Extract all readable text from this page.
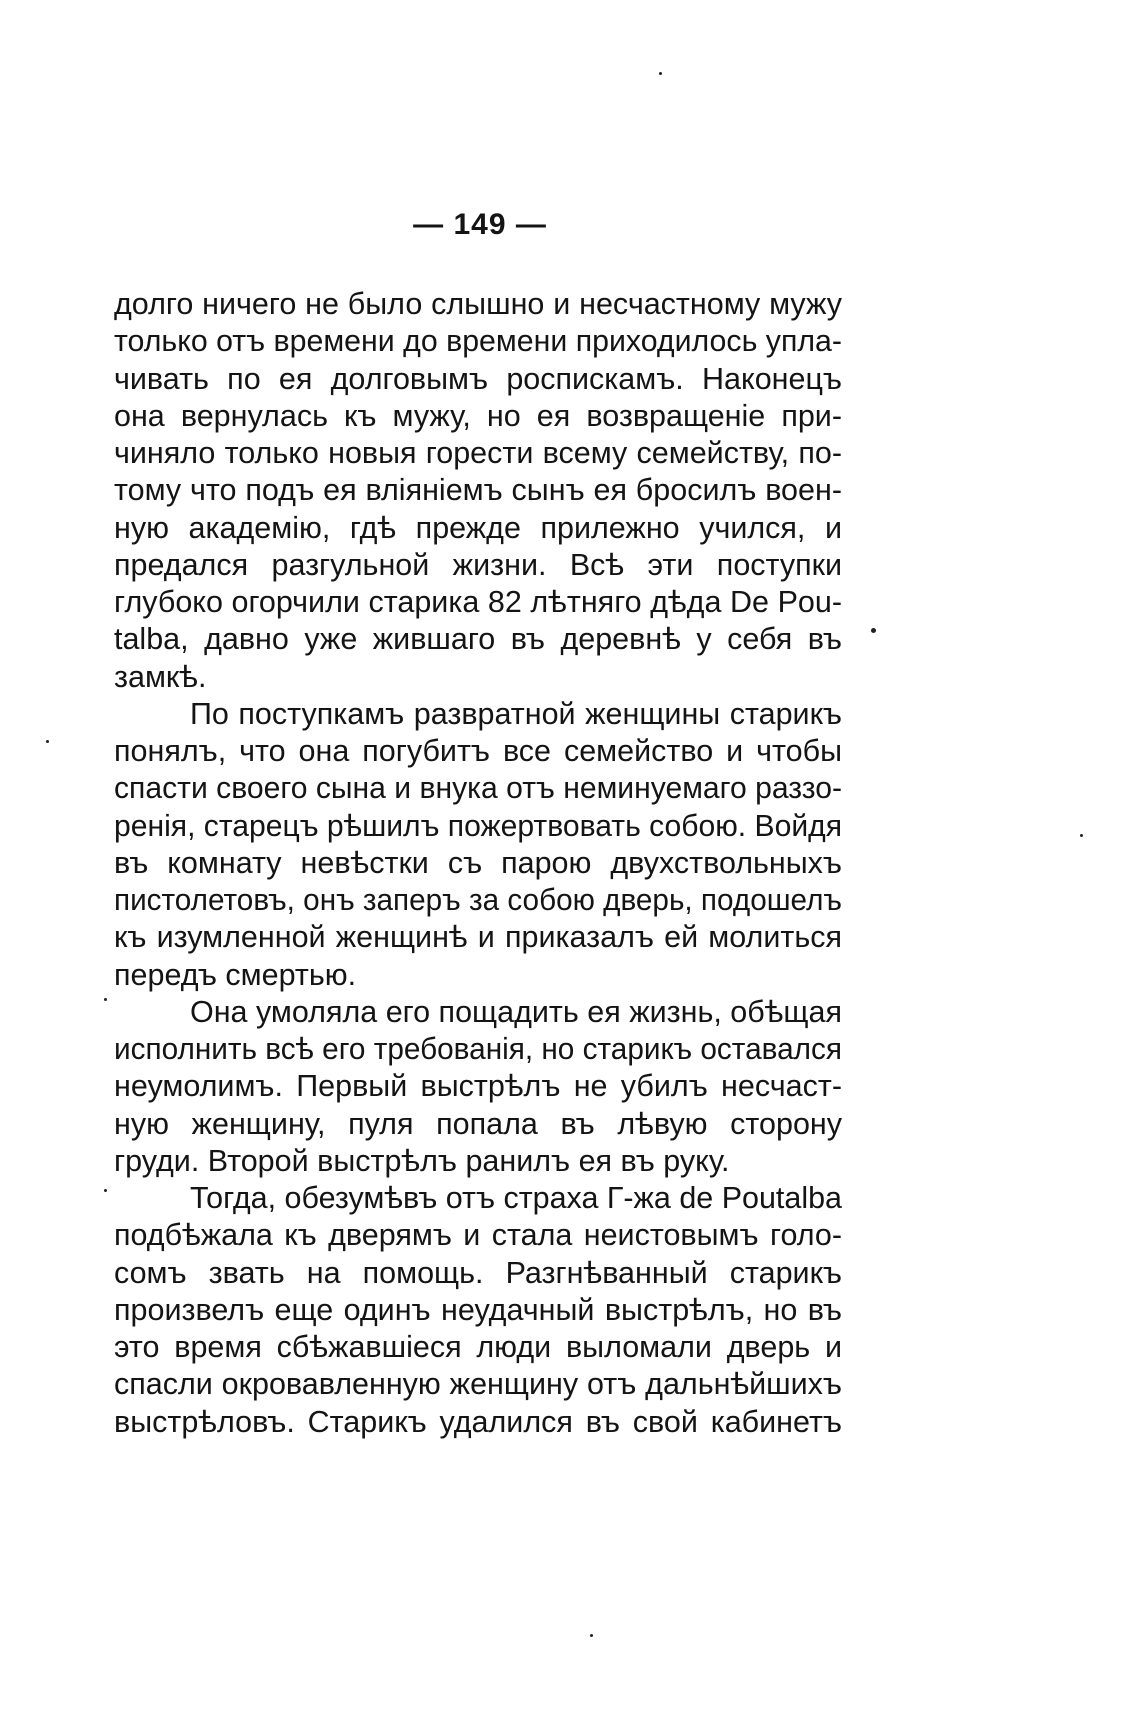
— 149 —
долго ничего не было слышно и несчастному мужу
только отъ времени до времени приходилось упла-
чивать по ея долговымъ роспискамъ. Наконецъ
она вернулась къ мужу, но ея возвращеніе при-
чиняло только новыя горести всему семейству, по-
тому что подъ ея вліяніемъ сынъ ея бросилъ воен-
ную академію, гдѣ прежде прилежно учился, и
предался разгульной жизни. Всѣ эти поступки
глубоко огорчили старика 82 лѣтняго дѣда De Pou-
talba, давно уже жившаго въ деревнѣ у себя въ
замкѣ.
По поступкамъ развратной женщины старикъ
понялъ, что она погубитъ все семейство и чтобы
спасти своего сына и внука отъ неминуемаго раззо-
ренія, старецъ рѣшилъ пожертвовать собою. Войдя
въ комнату невѣстки съ парою двухствольныхъ
пистолетовъ, онъ заперъ за собою дверь, подошелъ
къ изумленной женщинѣ и приказалъ ей молиться
передъ смертью.
Она умоляла его пощадить ея жизнь, обѣщая
исполнить всѣ его требованія, но старикъ оставался
неумолимъ. Первый выстрѣлъ не убилъ несчаст-
ную женщину, пуля попала въ лѣвую сторону
груди. Второй выстрѣлъ ранилъ ея въ руку.
Тогда, обезумѣвъ отъ страха Г-жа de Poutalba
подбѣжала къ дверямъ и стала неистовымъ голо-
сомъ звать на помощь. Разгнѣванный старикъ
произвелъ еще одинъ неудачный выстрѣлъ, но въ
это время сбѣжавшіеся люди выломали дверь и
спасли окровавленную женщину отъ дальнѣйшихъ
выстрѣловъ. Старикъ удалился въ свой кабинетъ
